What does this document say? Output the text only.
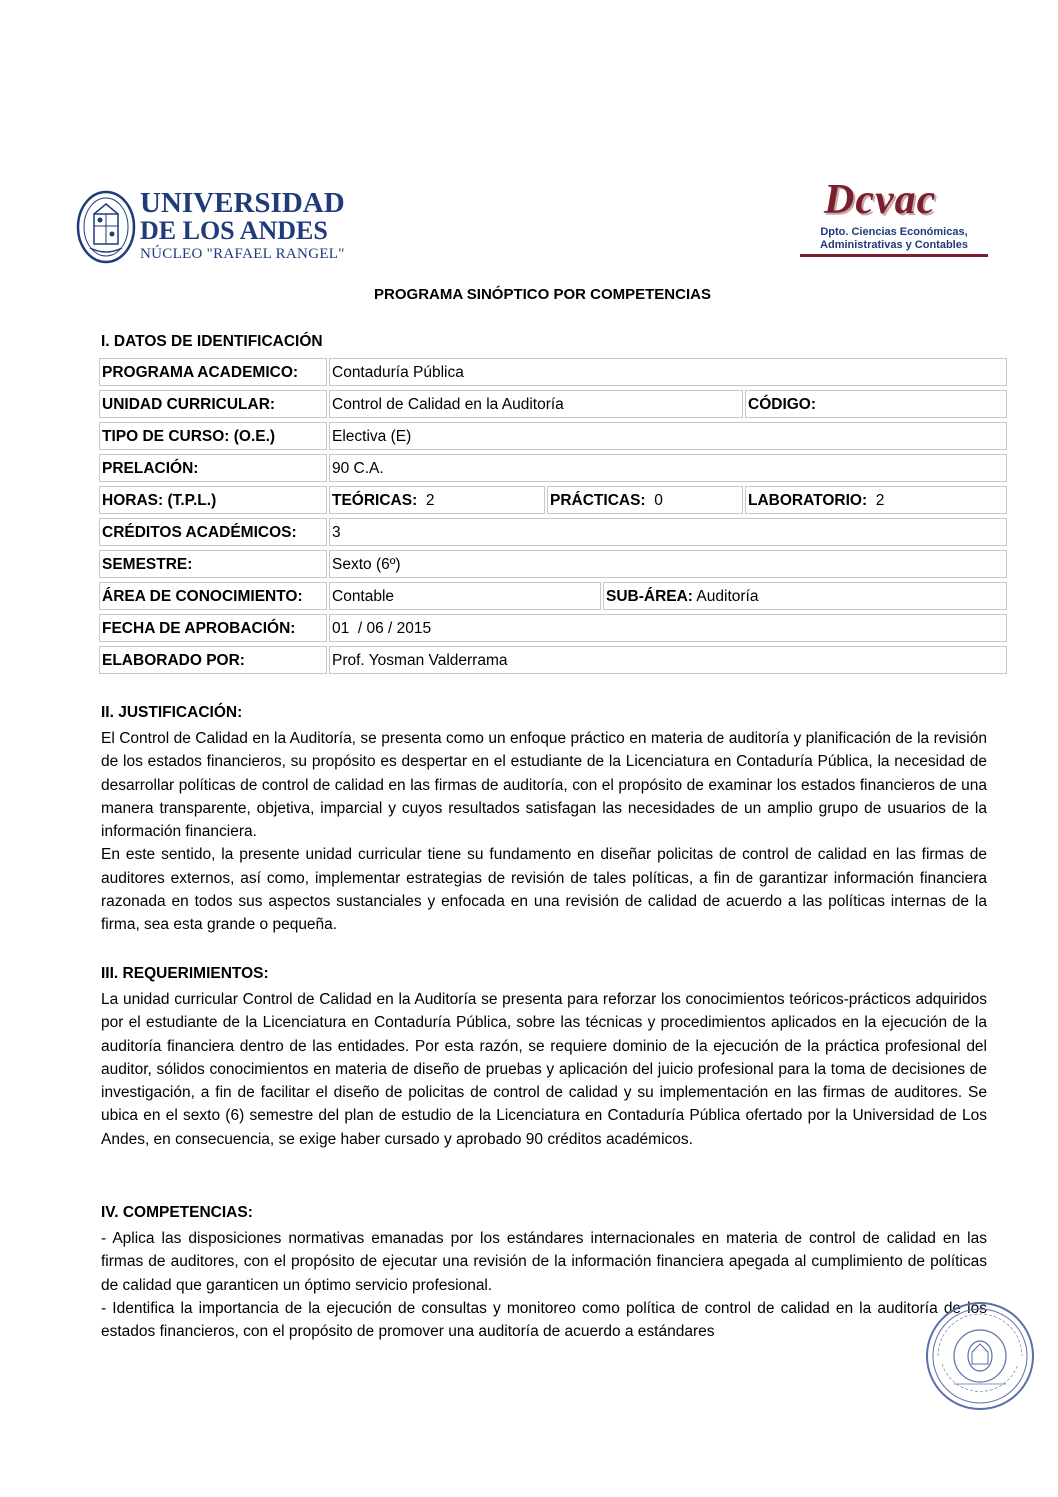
UNIVERSIDAD
DE LOS ANDES
NÚCLEO "RAFAEL RANGEL"
Dcvac
Dpto. Ciencias Económicas,
Administrativas y Contables
PROGRAMA SINÓPTICO POR COMPETENCIAS
I. DATOS DE IDENTIFICACIÓN
PROGRAMA ACADEMICO:	Contaduría Pública
UNIDAD CURRICULAR:	Control de Calidad en la Auditoría	CÓDIGO:
TIPO DE CURSO: (O.E.)	Electiva (E)
PRELACIÓN:	90 C.A.
HORAS: (T.P.L.)	TEÓRICAS: 2	PRÁCTICAS: 0	LABORATORIO: 2
CRÉDITOS ACADÉMICOS:	3
SEMESTRE:	Sexto (6º)
ÁREA DE CONOCIMIENTO:	Contable	SUB-ÁREA: Auditoría
FECHA DE APROBACIÓN:	01  / 06 / 2015
ELABORADO POR:	Prof. Yosman Valderrama
II. JUSTIFICACIÓN:

El Control de Calidad en la Auditoría, se presenta como un enfoque práctico en materia de auditoría y planificación de la revisión de los estados financieros, su propósito es despertar en el estudiante de la Licenciatura en Contaduría Pública, la necesidad de desarrollar políticas de control de calidad en las firmas de auditoría, con el propósito de examinar los estados financieros de una manera transparente, objetiva, imparcial y cuyos resultados satisfagan las necesidades de un amplio grupo de usuarios de la información financiera.

En este sentido, la presente unidad curricular tiene su fundamento en diseñar policitas de control de calidad en las firmas de auditores externos, así como, implementar estrategias de revisión de tales políticas, a fin de garantizar información financiera razonada en todos sus aspectos sustanciales y enfocada en una revisión de calidad de acuerdo a las políticas internas de la firma, sea esta grande o pequeña.

III. REQUERIMIENTOS:

La unidad curricular Control de Calidad en la Auditoría se presenta para reforzar los conocimientos teóricos-prácticos adquiridos por el estudiante de la Licenciatura en Contaduría Pública, sobre las técnicas y procedimientos aplicados en la ejecución de la auditoría financiera dentro de las entidades. Por esta razón, se requiere dominio de la ejecución de la práctica profesional del auditor, sólidos conocimientos en materia de diseño de pruebas y aplicación del juicio profesional para la toma de decisiones de investigación, a fin de facilitar el diseño de policitas de control de calidad y su implementación en las firmas de auditores. Se ubica en el sexto (6) semestre del plan de estudio de la Licenciatura en Contaduría Pública ofertado por la Universidad de Los Andes, en consecuencia, se exige haber cursado y aprobado 90 créditos académicos.

IV. COMPETENCIAS:

- Aplica las disposiciones normativas emanadas por los estándares internacionales en materia de control de calidad en las firmas de auditores, con el propósito de ejecutar una revisión de la información financiera apegada al cumplimiento de políticas de calidad que garanticen un óptimo servicio profesional.

- Identifica la importancia de la ejecución de consultas y monitoreo como política de control de calidad en la auditoría de los estados financieros, con el propósito de promover una auditoría de acuerdo a estándares
